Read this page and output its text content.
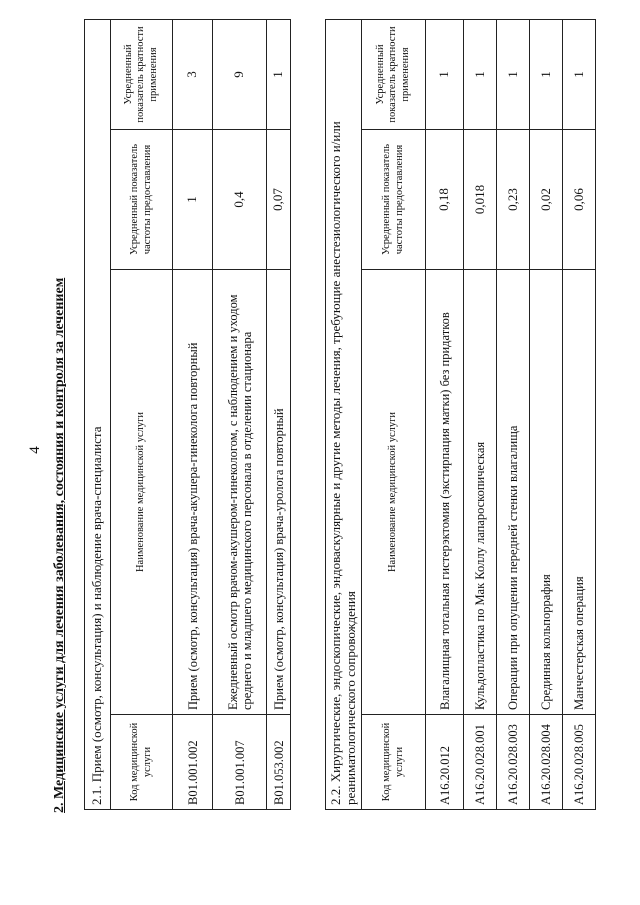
4 2. Медицинские услуги для лечения заболевания, состояния и контроля за лечением 2.1. Прием (осмотр, консультация) и наблюдение врача-специалиста			
Код медицинской услуги	Наименование медицинской услуги	Усредненный показатель частоты предоставления	Усредненный показатель кратности применения
B01.001.002	Прием (осмотр, консультация) врача-акушера-гинеколога повторный	1	3
B01.001.007	Ежедневный осмотр врачом-акушером-гинекологом, с наблюдением и уходом среднего и младшего медицинского персонала в отделении стационара	0,4	9
B01.053.002	Прием (осмотр, консультация) врача-уролога повторный	0,07	1
2.2. Хирургические, эндоскопические, эндоваскулярные и другие методы лечения, требующие анестезиологического и/или реаниматологического сопровождения			
Код медицинской услуги	Наименование медицинской услуги	Усредненный показатель частоты предоставления	Усредненный показатель кратности применения
A16.20.012	Влагалищная тотальная гистерэктомия (экстирпация матки) без придатков	0,18	1
A16.20.028.001	Кульдопластика по Мак Коллу лапароскопическая	0,018	1
A16.20.028.003	Операции при опущении передней стенки влагалища	0,23	1
A16.20.028.004	Срединная кольпоррафия	0,02	1
A16.20.028.005	Манчестерская операция	0,06	1
